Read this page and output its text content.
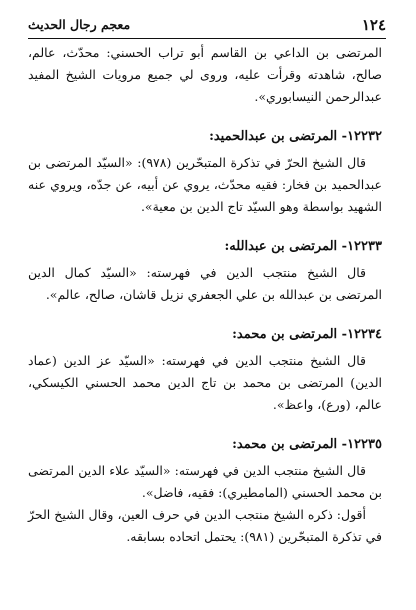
١٢٤
معجم رجال الحديث

المرتضى بن الداعي بن القاسم أبو تراب الحسني: محدّث، عالم، صالح، شاهدته وقرأت عليه، وروى لي جميع مرويات الشيخ المفيد عبدالرحمن النيسابوري».

١٢٢٣٢- المرتضى بن عبدالحميد:

قال الشيخ الحرّ في تذكرة المتبحّرين (٩٧٨): «السيّد المرتضى بن عبدالحميد بن فخار: فقيه محدّث، يروي عن أبيه، عن جدّه، ويروي عنه الشهيد بواسطة وهو السيّد تاج الدين بن معية».

١٢٢٣٣- المرتضى بن عبدالله:

قال الشيخ منتجب الدين في فهرسته: «السيّد كمال الدين المرتضى بن عبدالله بن علي الجعفري نزيل قاشان، صالح، عالم».

١٢٢٣٤- المرتضى بن محمد:

قال الشيخ منتجب الدين في فهرسته: «السيّد عز الدين (عماد الدين) المرتضى بن محمد بن تاج الدين محمد الحسني الكيسكي، عالم، (ورع)، واعظ».

١٢٢٣٥- المرتضى بن محمد:

قال الشيخ منتجب الدين في فهرسته: «السيّد علاء الدين المرتضى بن محمد الحسني (المامطيري): فقيه، فاضل».

أقول: ذكره الشيخ منتجب الدين في حرف العين، وقال الشيخ الحرّ في تذكرة المتبحّرين (٩٨١): يحتمل اتحاده بسابقه.
